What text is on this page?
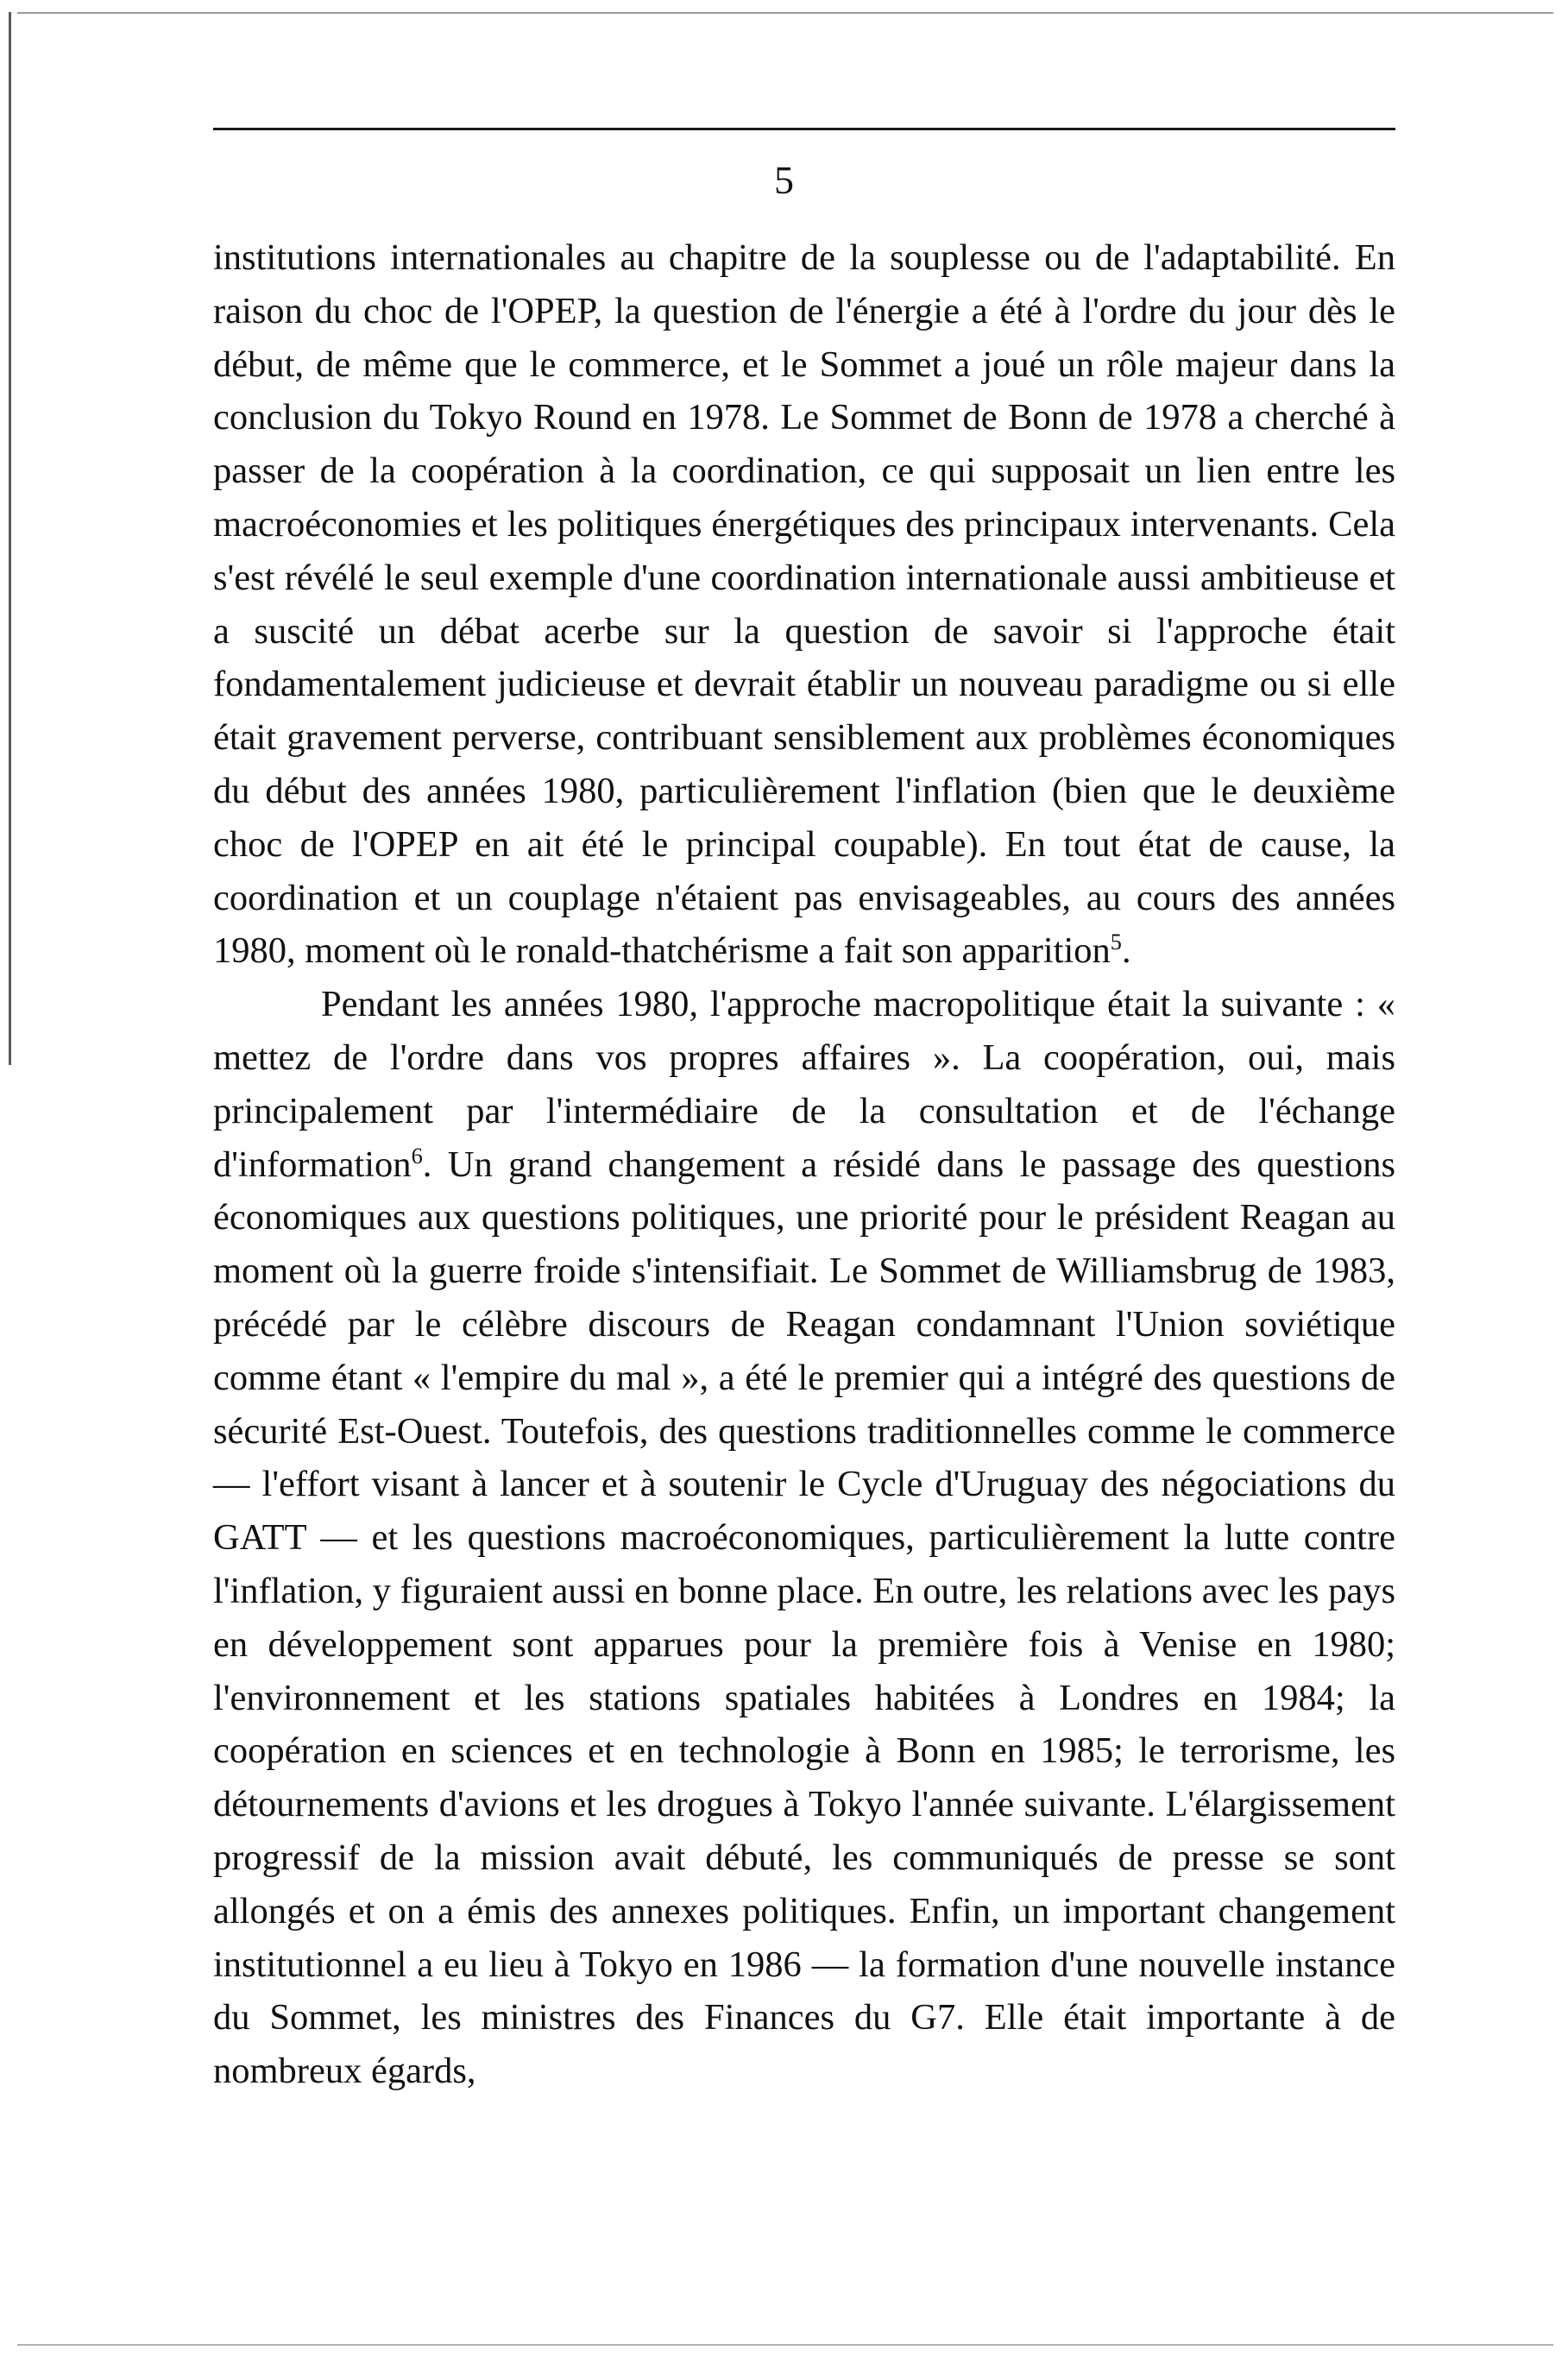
5

institutions internationales au chapitre de la souplesse ou de l'adaptabilité. En raison du choc de l'OPEP, la question de l'énergie a été à l'ordre du jour dès le début, de même que le commerce, et le Sommet a joué un rôle majeur dans la conclusion du Tokyo Round en 1978. Le Sommet de Bonn de 1978 a cherché à passer de la coopération à la coordination, ce qui supposait un lien entre les macroéconomies et les politiques énergétiques des principaux intervenants. Cela s'est révélé le seul exemple d'une coordination internationale aussi ambitieuse et a suscité un débat acerbe sur la question de savoir si l'approche était fondamentalement judicieuse et devrait établir un nouveau paradigme ou si elle était gravement perverse, contribuant sensiblement aux problèmes économiques du début des années 1980, particulièrement l'inflation (bien que le deuxième choc de l'OPEP en ait été le principal coupable). En tout état de cause, la coordination et un couplage n'étaient pas envisageables, au cours des années 1980, moment où le ronald-thatchérisme a fait son apparition$^5$.

Pendant les années 1980, l'approche macropolitique était la suivante : « mettez de l'ordre dans vos propres affaires ». La coopération, oui, mais principalement par l'intermédiaire de la consultation et de l'échange d'information$^6$. Un grand changement a résidé dans le passage des questions économiques aux questions politiques, une priorité pour le président Reagan au moment où la guerre froide s'intensifiait. Le Sommet de Williamsbrug de 1983, précédé par le célèbre discours de Reagan condamnant l'Union soviétique comme étant « l'empire du mal », a été le premier qui a intégré des questions de sécurité Est-Ouest. Toutefois, des questions traditionnelles comme le commerce — l'effort visant à lancer et à soutenir le Cycle d'Uruguay des négociations du GATT — et les questions macroéconomiques, particulièrement la lutte contre l'inflation, y figuraient aussi en bonne place. En outre, les relations avec les pays en développement sont apparues pour la première fois à Venise en 1980; l'environnement et les stations spatiales habitées à Londres en 1984; la coopération en sciences et en technologie à Bonn en 1985; le terrorisme, les détournements d'avions et les drogues à Tokyo l'année suivante. L'élargissement progressif de la mission avait débuté, les communiqués de presse se sont allongés et on a émis des annexes politiques. Enfin, un important changement institutionnel a eu lieu à Tokyo en 1986 — la formation d'une nouvelle instance du Sommet, les ministres des Finances du G7. Elle était importante à de nombreux égards,
